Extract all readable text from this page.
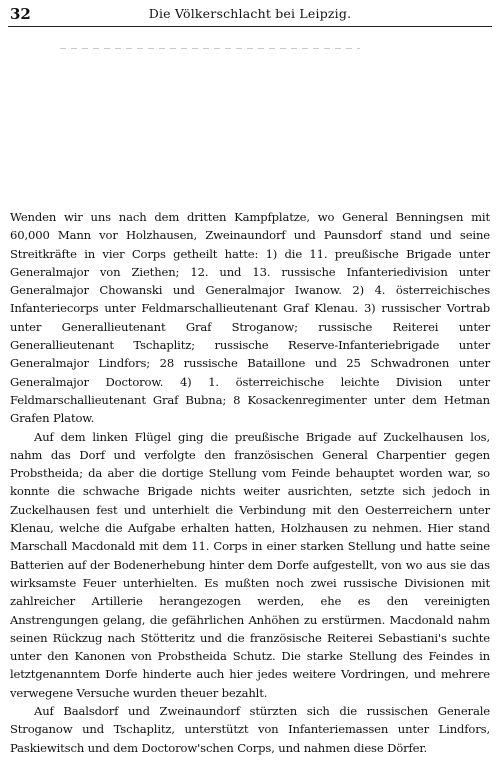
32	Die Völkerschlacht bei Leipzig.

Wenden wir uns nach dem dritten Kampfplatze, wo General Benningsen mit 60,000 Mann vor Holzhausen, Zweinaundorf und Paunsdorf stand und seine Streitkräfte in vier Corps getheilt hatte: 1) die 11. preußische Brigade unter Generalmajor von Ziethen; 12. und 13. russische Infanteriedivision unter Generalmajor Chowanski und Generalmajor Iwanow. 2) 4. österreichisches Infanteriecorps unter Feldmarschallieutenant Graf Klenau. 3) russischer Vortrab unter Generallieutenant Graf Stroganow; russische Reiterei unter Generallieutenant Tschaplitz; russische Reserve-Infanteriebrigade unter Generalmajor Lindfors; 28 russische Bataillone und 25 Schwadronen unter Generalmajor Doctorow. 4) 1. österreichische leichte Division unter Feldmarschallieutenant Graf Bubna; 8 Kosackenregimenter unter dem Hetman Grafen Platow.

Auf dem linken Flügel ging die preußische Brigade auf Zuckelhausen los, nahm das Dorf und verfolgte den französischen General Charpentier gegen Probstheida; da aber die dortige Stellung vom Feinde behauptet worden war, so konnte die schwache Brigade nichts weiter ausrichten, setzte sich jedoch in Zuckelhausen fest und unterhielt die Verbindung mit den Oesterreichern unter Klenau, welche die Aufgabe erhalten hatten, Holzhausen zu nehmen. Hier stand Marschall Macdonald mit dem 11. Corps in einer starken Stellung und hatte seine Batterien auf der Bodenerhebung hinter dem Dorfe aufgestellt, von wo aus sie das wirksamste Feuer unterhielten. Es mußten noch zwei russische Divisionen mit zahlreicher Artillerie herangezogen werden, ehe es den vereinigten Anstrengungen gelang, die gefährlichen Anhöhen zu erstürmen. Macdonald nahm seinen Rückzug nach Stötteritz und die französische Reiterei Sebastiani's suchte unter den Kanonen von Probstheida Schutz. Die starke Stellung des Feindes in letztgenanntem Dorfe hinderte auch hier jedes weitere Vordringen, und mehrere verwegene Versuche wurden theuer bezahlt.

Auf Baalsdorf und Zweinaundorf stürzten sich die russischen Generale Stroganow und Tschaplitz, unterstützt von Infanteriemassen unter Lindfors, Paskiewitsch und dem Doctorow'schen Corps, und nahmen diese Dörfer.
